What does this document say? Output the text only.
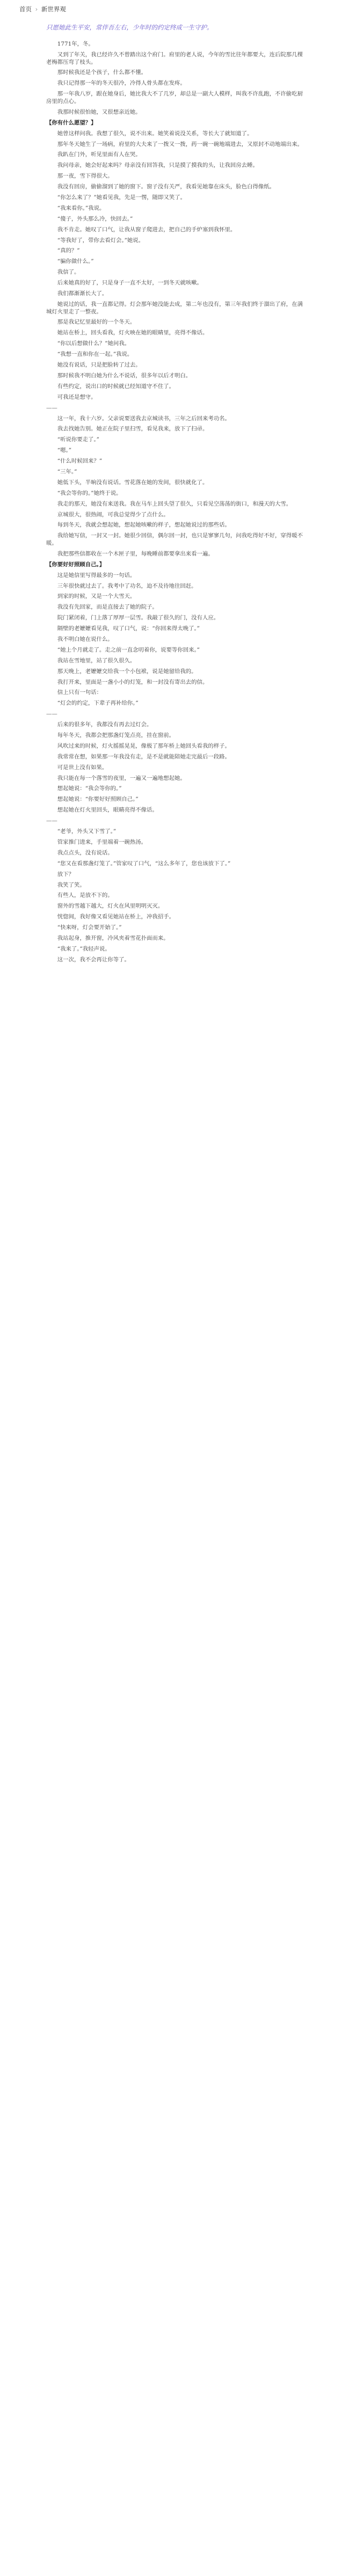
首页 › 新世界观
只愿她此生平安，常伴吾左右，少年时的约定终成一生守护。

1771年，冬。

又到了年关，我已经许久不曾踏出这个府门。府里的老人说，今年的雪比往年都要大，连后院那几棵老梅都压弯了枝头。

那时候我还是个孩子，什么都不懂。

我只记得那一年的冬天很冷，冷得人骨头都在发疼。

那一年我八岁，跟在她身后，她比我大不了几岁，却总是一副大人模样，叫我不许乱跑，不许偷吃厨房里的点心。

我那时候很怕她，又很想亲近她。

【你有什么愿望？】

她曾这样问我。我想了很久，说不出来。她笑着说没关系，等长大了就知道了。

那年冬天她生了一场病，府里的大夫来了一拨又一拨，药一碗一碗地端进去，又原封不动地端出来。

我趴在门外，听见里面有人在哭。

我问母亲，她会好起来吗？母亲没有回答我，只是摸了摸我的头，让我回房去睡。

那一夜，雪下得很大。

我没有回房，偷偷溜到了她的窗下。窗子没有关严，我看见她靠在床头，脸色白得像纸。

“你怎么来了？”她看见我，先是一愣，随即又笑了。

“我来看你。”我说。

“傻子，外头那么冷，快回去。”

我不肯走。她叹了口气，让我从窗子爬进去，把自己的手炉塞到我怀里。

“等我好了，带你去看灯会。”她说。

“真的？”

“骗你做什么。”

我信了。

后来她真的好了，只是身子一直不太好，一到冬天就咳嗽。

我们都渐渐长大了。

她说过的话，我一直都记得。灯会那年她没能去成，第二年也没有，第三年我们终于溜出了府，在满城灯火里走了一整夜。

那是我记忆里最好的一个冬天。

她站在桥上，回头看我，灯火映在她的眼睛里，亮得不像话。

“你以后想做什么？”她问我。

“我想一直和你在一起。”我说。

她没有说话，只是把脸转了过去。

那时候我不明白她为什么不说话，很多年以后才明白。

有些约定，说出口的时候就已经知道守不住了。

可我还是想守。

——

这一年，我十六岁。父亲说要送我去京城读书，三年之后回来考功名。

我去找她告别。她正在院子里扫雪，看见我来，放下了扫帚。

“听说你要走了。”

“嗯。”

“什么时候回来？”

“三年。”

她低下头，半晌没有说话。雪花落在她的发间，很快就化了。

“我会等你的。”她终于说。

我走的那天，她没有来送我。我在马车上回头望了很久，只看见空荡荡的街口，和漫天的大雪。

京城很大，很热闹，可我总觉得少了点什么。

每到冬天，我就会想起她，想起她咳嗽的样子，想起她说过的那些话。

我给她写信，一封又一封。她很少回信，偶尔回一封，也只是寥寥几句，问我吃得好不好，穿得暖不暖。

我把那些信都收在一个木匣子里，每晚睡前都要拿出来看一遍。

【你要好好照顾自己。】

这是她信里写得最多的一句话。

三年很快就过去了。我考中了功名，迫不及待地往回赶。

到家的时候，又是一个大雪天。

我没有先回家，而是直接去了她的院子。

院门紧闭着，门上落了厚厚一层雪。我敲了很久的门，没有人应。

隔壁的老嬷嬷看见我，叹了口气，说：“你回来得太晚了。”

我不明白她在说什么。

“她上个月就走了。走之前一直念叨着你，说要等你回来。”

我站在雪地里，站了很久很久。

那天晚上，老嬷嬷交给我一个小包袱，说是她留给我的。

我打开来，里面是一盏小小的灯笼，和一封没有寄出去的信。

信上只有一句话：

“灯会的约定，下辈子再补给你。”

——

后来的很多年，我都没有再去过灯会。

每年冬天，我都会把那盏灯笼点亮，挂在窗前。

风吹过来的时候，灯火摇摇晃晃，像极了那年桥上她回头看我的样子。

我常常在想，如果那一年我没有走，是不是就能陪她走完最后一段路。

可是世上没有如果。

我只能在每一个落雪的夜里，一遍又一遍地想起她。

想起她说：“我会等你的。”

想起她说：“你要好好照顾自己。”

想起她在灯火里回头，眼睛亮得不像话。

——

“老爷，外头又下雪了。”

管家推门进来，手里端着一碗热汤。

我点点头，没有说话。

“您又在看那盏灯笼了。”管家叹了口气，“这么多年了，您也该放下了。”

放下？

我笑了笑。

有些人，是放不下的。

窗外的雪越下越大，灯火在风里明明灭灭。

恍惚间，我好像又看见她站在桥上，冲我招手。

“快来呀，灯会要开始了。”

我站起身，推开窗，冷风夹着雪花扑面而来。

“我来了。”我轻声说。

这一次，我不会再让你等了。
